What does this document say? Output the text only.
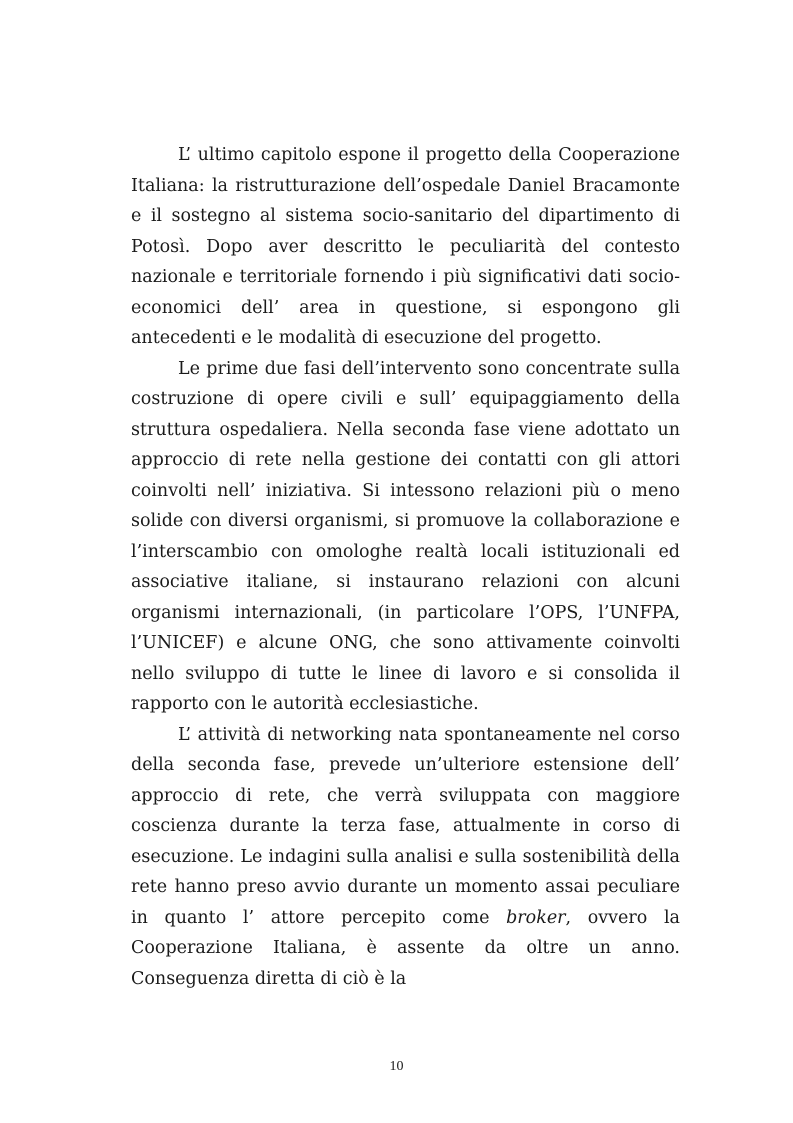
L’ ultimo capitolo espone il progetto della Cooperazione Italiana: la ristrutturazione dell’ospedale Daniel Bracamonte e il sostegno al sistema socio-sanitario del dipartimento di Potosì. Dopo aver descritto le peculiarità del contesto nazionale e territoriale fornendo i più significativi dati socio-economici dell’ area in questione, si espongono gli antecedenti e le modalità di esecuzione del progetto.

Le prime due fasi dell’intervento sono concentrate sulla costruzione di opere civili e sull’ equipaggiamento della struttura ospedaliera. Nella seconda fase viene adottato un approccio di rete nella gestione dei contatti con gli attori coinvolti nell’ iniziativa. Si intessono relazioni più o meno solide con diversi organismi, si promuove la collaborazione e l’interscambio con omologhe realtà locali istituzionali ed associative italiane, si instaurano relazioni con alcuni organismi internazionali, (in particolare l’OPS, l’UNFPA, l’UNICEF) e alcune ONG, che sono attivamente coinvolti nello sviluppo di tutte le linee di lavoro e si consolida il rapporto con le autorità ecclesiastiche.

L’ attività di networking nata spontaneamente nel corso della seconda fase, prevede un’ulteriore estensione dell’ approccio di rete, che verrà sviluppata con maggiore coscienza durante la terza fase, attualmente in corso di esecuzione. Le indagini sulla analisi e sulla sostenibilità della rete hanno preso avvio durante un momento assai peculiare in quanto l’ attore percepito come broker, ovvero la Cooperazione Italiana, è assente da oltre un anno. Conseguenza diretta di ciò è la

10
